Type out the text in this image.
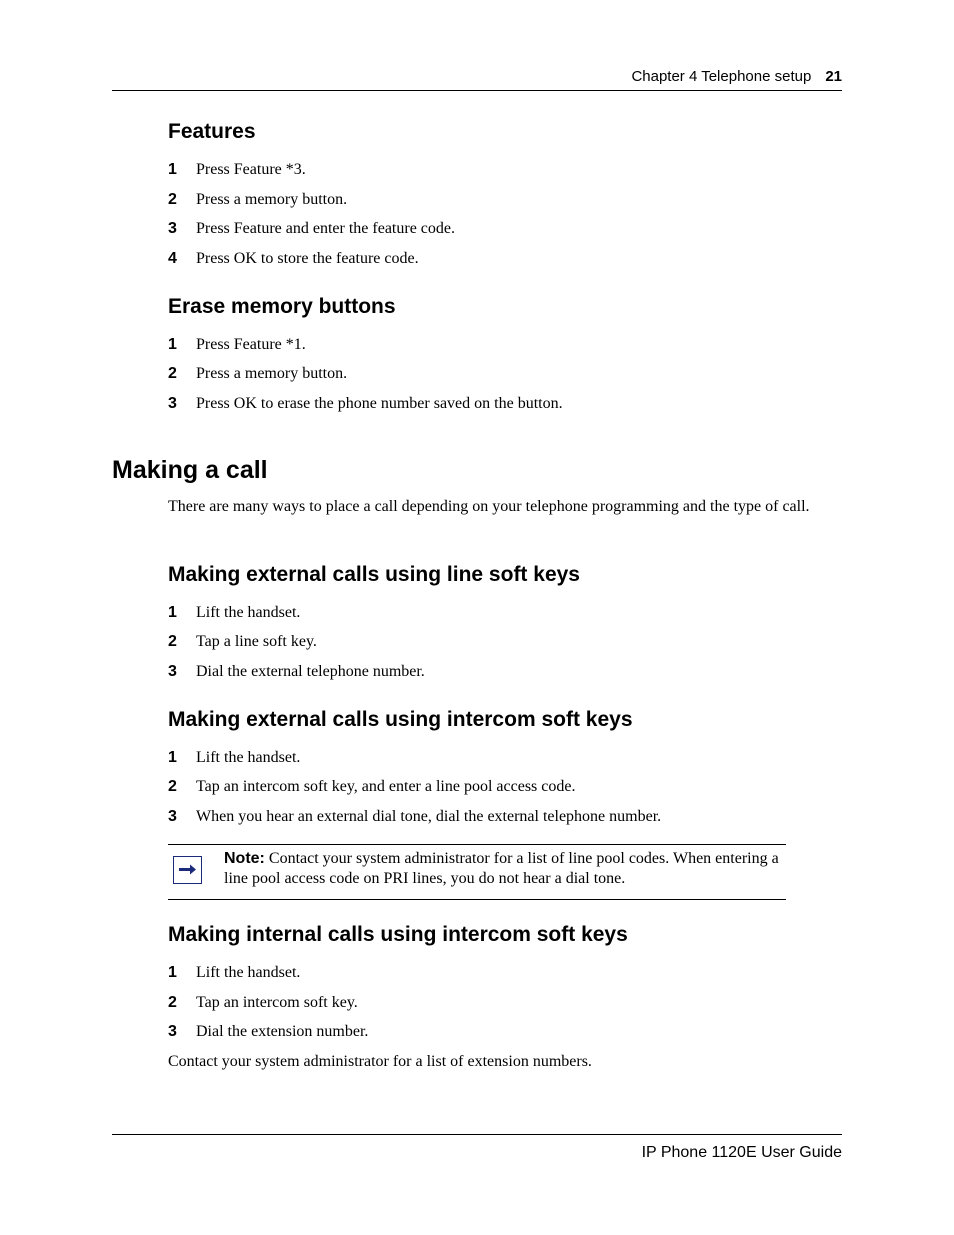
Chapter 4 Telephone setup 21
Features
1 Press Feature *3.
2 Press a memory button.
3 Press Feature and enter the feature code.
4 Press OK to store the feature code.
Erase memory buttons
1 Press Feature *1.
2 Press a memory button.
3 Press OK to erase the phone number saved on the button.
Making a call
There are many ways to place a call depending on your telephone programming and the type of call.
Making external calls using line soft keys
1 Lift the handset.
2 Tap a line soft key.
3 Dial the external telephone number.
Making external calls using intercom soft keys
1 Lift the handset.
2 Tap an intercom soft key, and enter a line pool access code.
3 When you hear an external dial tone, dial the external telephone number.
Note: Contact your system administrator for a list of line pool codes. When entering a line pool access code on PRI lines, you do not hear a dial tone.
Making internal calls using intercom soft keys
1 Lift the handset.
2 Tap an intercom soft key.
3 Dial the extension number.
Contact your system administrator for a list of extension numbers.
IP Phone 1120E User Guide
